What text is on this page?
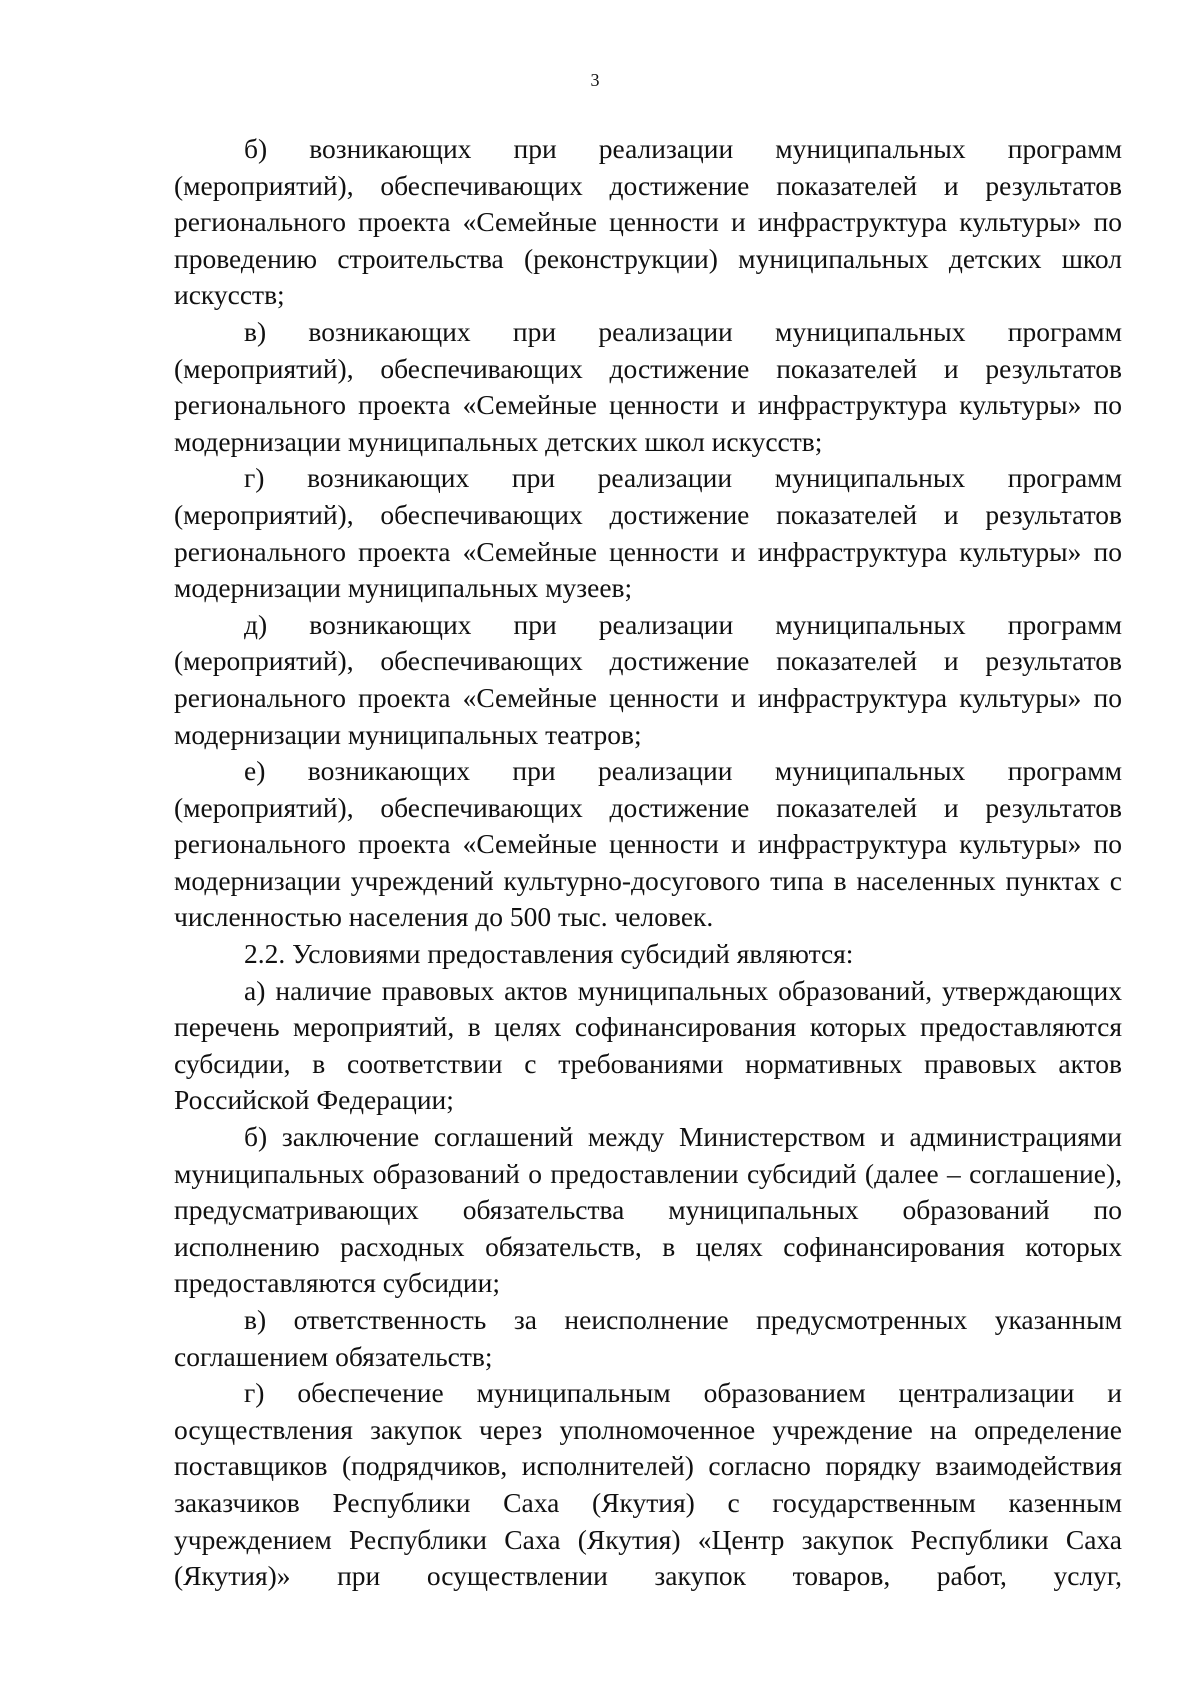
3

б) возникающих при реализации муниципальных программ (мероприятий), обеспечивающих достижение показателей и результатов регионального проекта «Семейные ценности и инфраструктура культуры» по проведению строительства (реконструкции) муниципальных детских школ искусств;

в) возникающих при реализации муниципальных программ (мероприятий), обеспечивающих достижение показателей и результатов регионального проекта «Семейные ценности и инфраструктура культуры» по модернизации муниципальных детских школ искусств;

г) возникающих при реализации муниципальных программ (мероприятий), обеспечивающих достижение показателей и результатов регионального проекта «Семейные ценности и инфраструктура культуры» по модернизации муниципальных музеев;

д) возникающих при реализации муниципальных программ (мероприятий), обеспечивающих достижение показателей и результатов регионального проекта «Семейные ценности и инфраструктура культуры» по модернизации муниципальных театров;

е) возникающих при реализации муниципальных программ (мероприятий), обеспечивающих достижение показателей и результатов регионального проекта «Семейные ценности и инфраструктура культуры» по модернизации учреждений культурно-досугового типа в населенных пунктах с численностью населения до 500 тыс. человек.

2.2. Условиями предоставления субсидий являются:

а) наличие правовых актов муниципальных образований, утверждающих перечень мероприятий, в целях софинансирования которых предоставляются субсидии, в соответствии с требованиями нормативных правовых актов Российской Федерации;

б) заключение соглашений между Министерством и администрациями муниципальных образований о предоставлении субсидий (далее – соглашение), предусматривающих обязательства муниципальных образований по исполнению расходных обязательств, в целях софинансирования которых предоставляются субсидии;

в) ответственность за неисполнение предусмотренных указанным соглашением обязательств;

г) обеспечение муниципальным образованием централизации и осуществления закупок через уполномоченное учреждение на определение поставщиков (подрядчиков, исполнителей) согласно порядку взаимодействия заказчиков Республики Саха (Якутия) с государственным казенным учреждением Республики Саха (Якутия) «Центр закупок Республики Саха (Якутия)» при осуществлении закупок товаров, работ, услуг,
